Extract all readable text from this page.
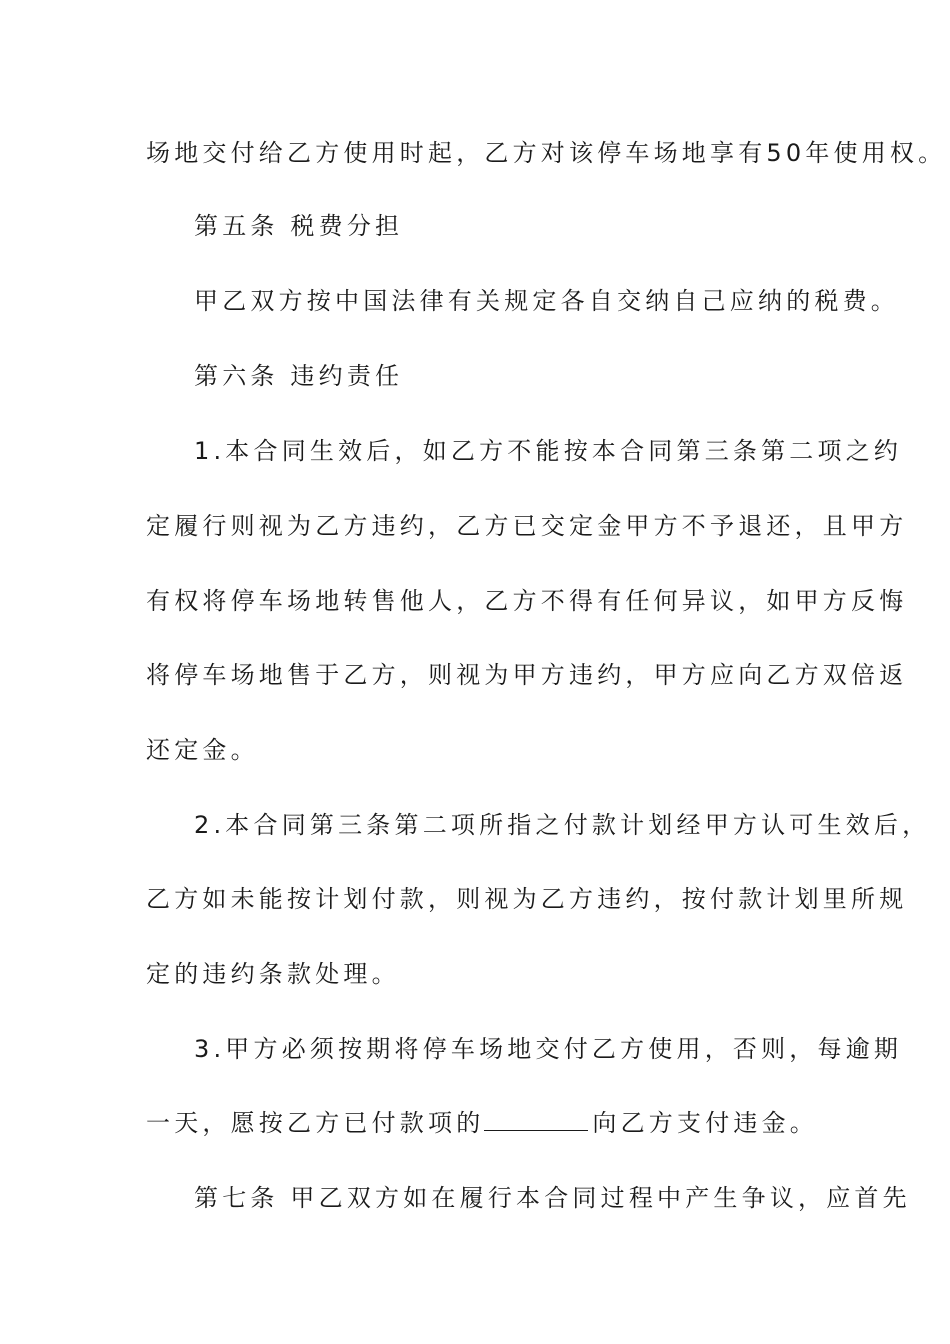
场地交付给乙方使用时起，乙方对该停车场地享有50年使用权。
第五条 税费分担
甲乙双方按中国法律有关规定各自交纳自己应纳的税费。
第六条 违约责任
1.本合同生效后，如乙方不能按本合同第三条第二项之约
定履行则视为乙方违约，乙方已交定金甲方不予退还，且甲方
有权将停车场地转售他人，乙方不得有任何异议，如甲方反悔
将停车场地售于乙方，则视为甲方违约，甲方应向乙方双倍返
还定金。
2.本合同第三条第二项所指之付款计划经甲方认可生效后，
乙方如未能按计划付款，则视为乙方违约，按付款计划里所规
定的违约条款处理。
3.甲方必须按期将停车场地交付乙方使用，否则，每逾期
一天，愿按乙方已付款项的	向乙方支付违金。
第七条 甲乙双方如在履行本合同过程中产生争议，应首先
